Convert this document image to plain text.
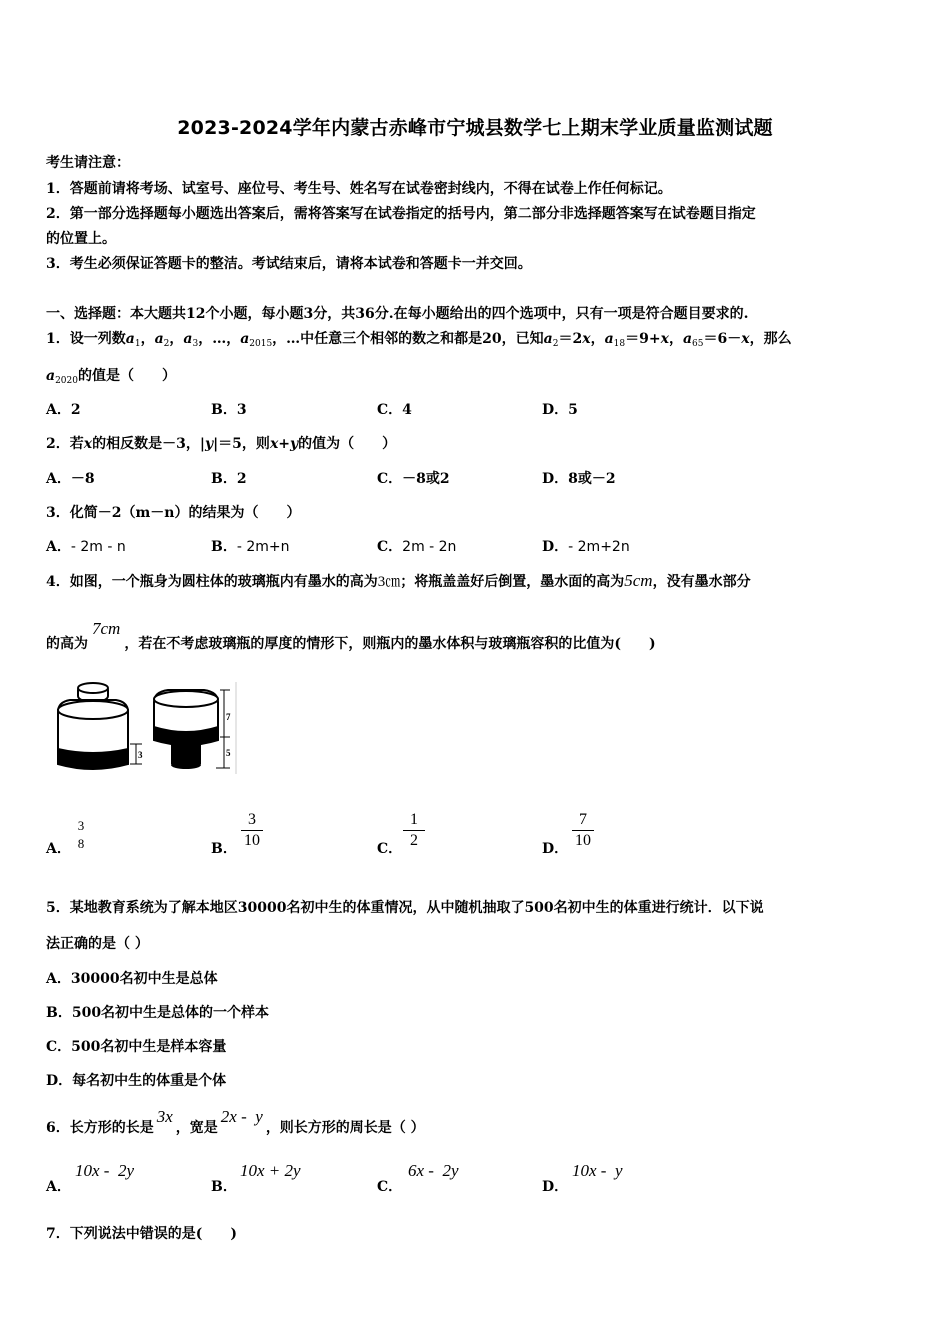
2023-2024学年内蒙古赤峰市宁城县数学七上期末学业质量监测试题
考生请注意：
1．答题前请将考场、试室号、座位号、考生号、姓名写在试卷密封线内，不得在试卷上作任何标记。
2．第一部分选择题每小题选出答案后，需将答案写在试卷指定的括号内，第二部分非选择题答案写在试卷题目指定
的位置上。
3．考生必须保证答题卡的整洁。考试结束后，请将本试卷和答题卡一并交回。
一、选择题：本大题共12个小题，每小题3分，共36分.在每小题给出的四个选项中，只有一项是符合题目要求的.
1．设一列数$a_1$，$a_2$，$a_3$，…，$a_{2015}$，…中任意三个相邻的数之和都是20，已知$a_2=2x$，$a_{18}=9+x$，$a_{65}=6-x$，那么
$a_{2020}$的值是（　　）
A．2	B．3	C．4	D．5
2．若x的相反数是－3，|y|＝5，则x+y的值为（　　）
A．－8	B．2	C．－8或2	D．8或－2
3．化简－2（m－n）的结果为（　　）
A．- 2m - n	B．- 2m+n	C．2m - 2n	D．- 2m+2n
4．如图，一个瓶身为圆柱体的玻璃瓶内有墨水的高为3㎝；将瓶盖盖好后倒置，墨水面的高为5cm，没有墨水部分
的高为7cm，若在不考虑玻璃瓶的厚度的情形下，则瓶内的墨水体积与玻璃瓶容积的比值为(　　)
3
7
5
A．
3
8	B．
3
10	C．
1
2	D．
7
10
5．某地教育系统为了解本地区30000名初中生的体重情况，从中随机抽取了500名初中生的体重进行统计．以下说
法正确的是（ ）
A．30000名初中生是总体
B．500名初中生是总体的一个样本
C．500名初中生是样本容量
D．每名初中生的体重是个体
6．长方形的长是3x，宽是2x -  y，则长方形的周长是（ ）
A．
10x -  2y
B．
10x + 2y
C．
6x -  2y
D．
10x -  y
7．下列说法中错误的是(　　)
